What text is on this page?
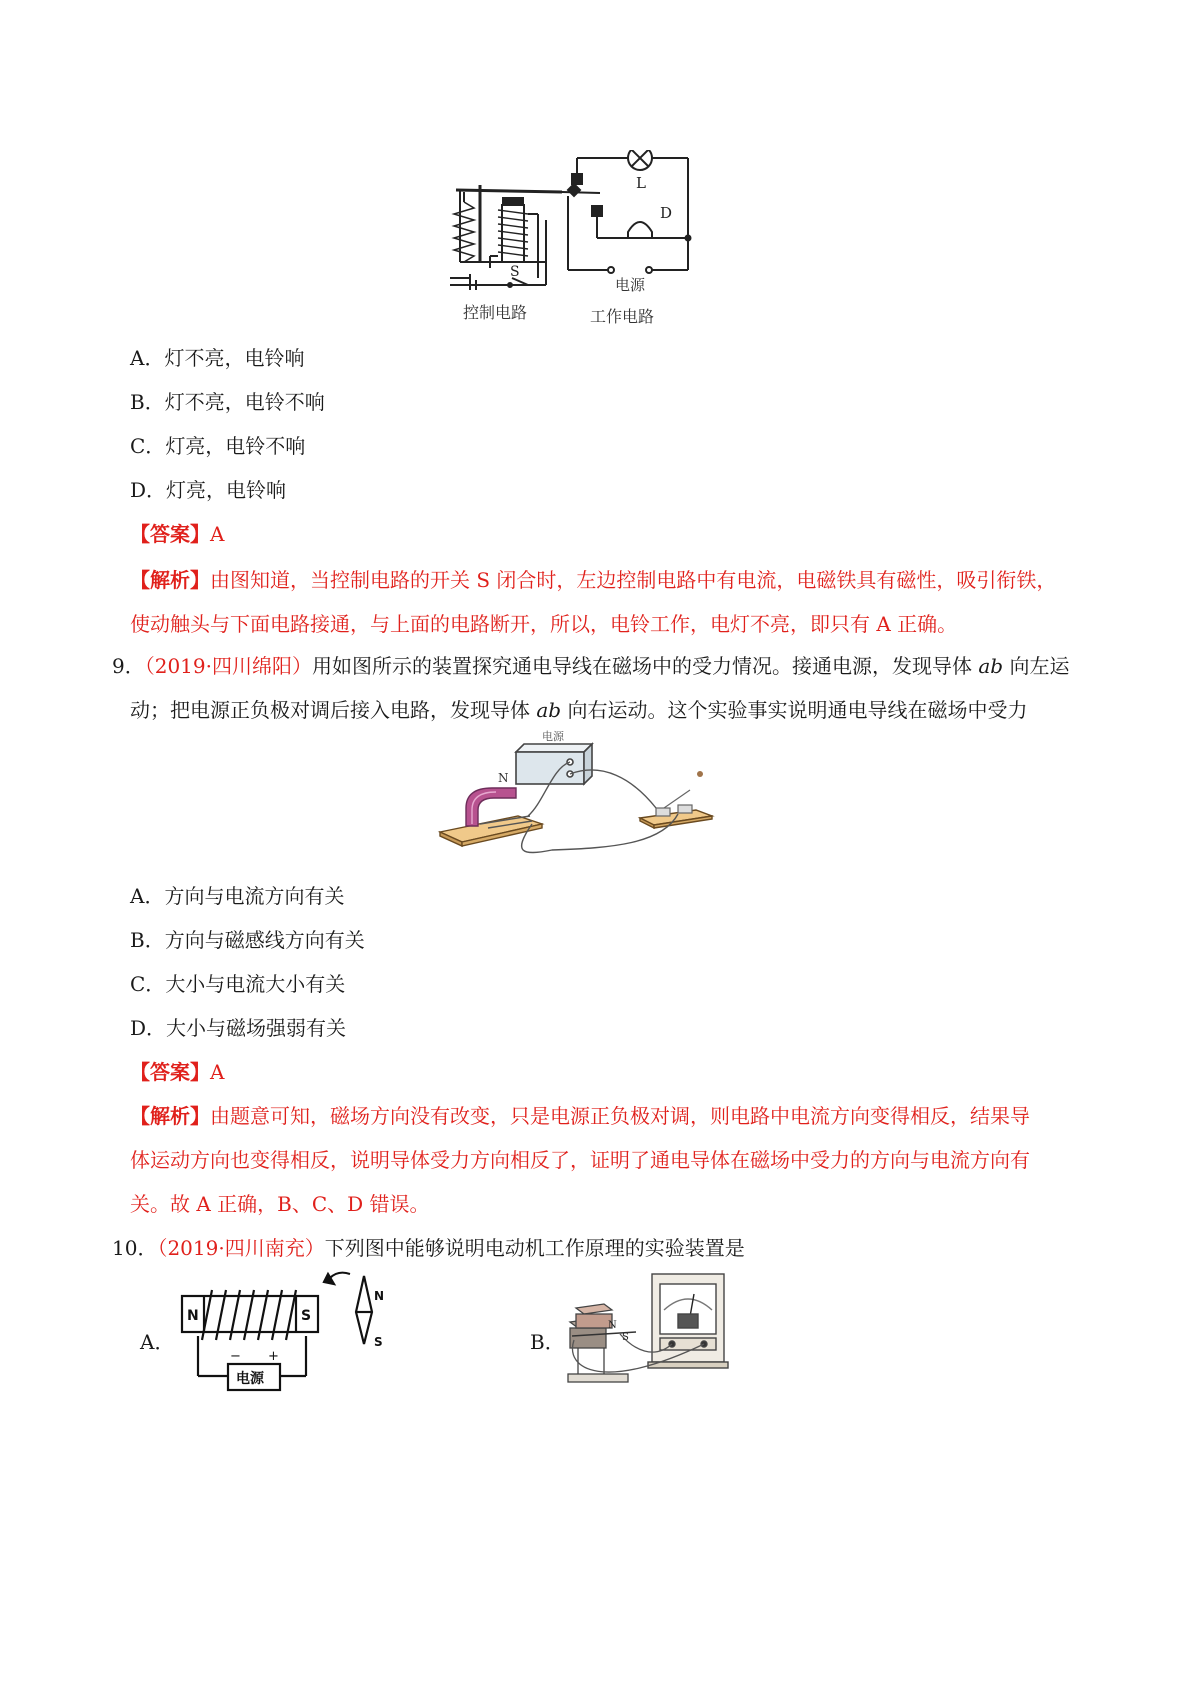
L
D
S
电源
控制电路	工作电路
A．灯不亮，电铃响
B．灯不亮，电铃不响
C．灯亮，电铃不响
D．灯亮，电铃响
【答案】A
【解析】由图知道，当控制电路的开关 S 闭合时，左边控制电路中有电流，电磁铁具有磁性，吸引衔铁，
使动触头与下面电路接通，与上面的电路断开，所以，电铃工作，电灯不亮，即只有 A 正确。
9．（2019·四川绵阳）用如图所示的装置探究通电导线在磁场中的受力情况。接通电源，发现导体 ab 向左运
动；把电源正负极对调后接入电路，发现导体 ab 向右运动。这个实验事实说明通电导线在磁场中受力
电源
N
A．方向与电流方向有关
B．方向与磁感线方向有关
C．大小与电流大小有关
D．大小与磁场强弱有关
【答案】A
【解析】由题意可知，磁场方向没有改变，只是电源正负极对调，则电路中电流方向变得相反，结果导
体运动方向也变得相反，说明导体受力方向相反了，证明了通电导体在磁场中受力的方向与电流方向有
关。故 A 正确，B、C、D 错误。
10．（2019·四川南充）下列图中能够说明电动机工作原理的实验装置是
A．
N	S
N
S
− +
电源
B．
N
S
